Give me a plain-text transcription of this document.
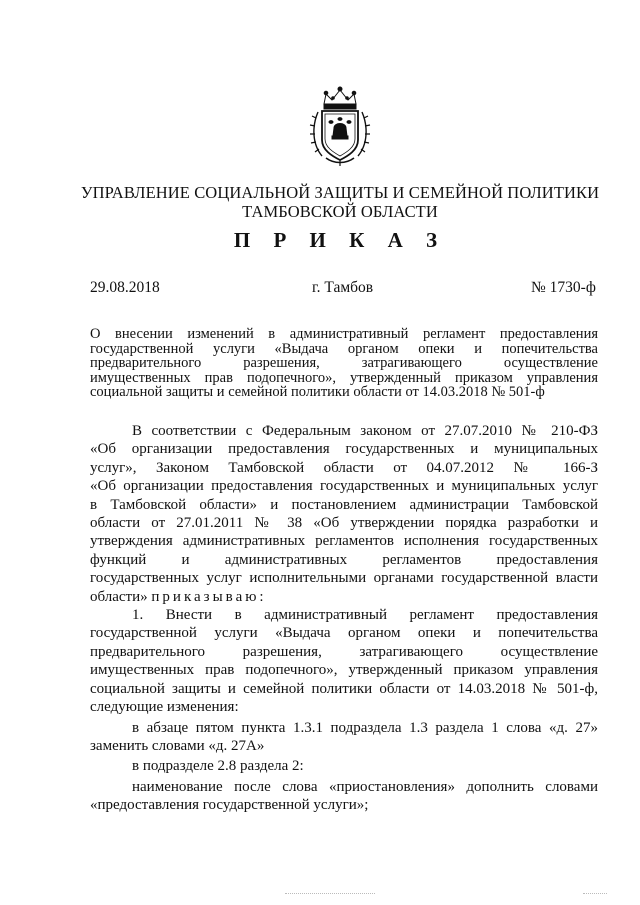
УПРАВЛЕНИЕ СОЦИАЛЬНОЙ ЗАЩИТЫ И СЕМЕЙНОЙ ПОЛИТИКИ
ТАМБОВСКОЙ ОБЛАСТИ
П Р И К А З
29.08.2018	г. Тамбов	№ 1730-ф
О внесении изменений в административный регламент предоставления
государственной услуги «Выдача органом опеки и попечительства
предварительного разрешения, затрагивающего осуществление
имущественных прав подопечного», утвержденный приказом управления
социальной защиты и семейной политики области от 14.03.2018 № 501-ф
В соответствии с Федеральным законом от 27.07.2010 № 210-ФЗ
«Об организации предоставления государственных и муниципальных
услуг», Законом Тамбовской области от 04.07.2012 № 166-З
«Об организации предоставления государственных и муниципальных услуг
в Тамбовской области» и постановлением администрации Тамбовской
области от 27.01.2011 № 38 «Об утверждении порядка разработки и
утверждения административных регламентов исполнения государственных
функций и административных регламентов предоставления
государственных услуг исполнительными органами государственной власти
области» приказываю:
1. Внести в административный регламент предоставления
государственной услуги «Выдача органом опеки и попечительства
предварительного разрешения, затрагивающего осуществление
имущественных прав подопечного», утвержденный приказом управления
социальной защиты и семейной политики области от 14.03.2018 № 501-ф,
следующие изменения:
в абзаце пятом пункта 1.3.1 подраздела 1.3 раздела 1 слова «д. 27»
заменить словами «д. 27А»
в подразделе 2.8 раздела 2:
наименование после слова «приостановления» дополнить словами
«предоставления государственной услуги»;
